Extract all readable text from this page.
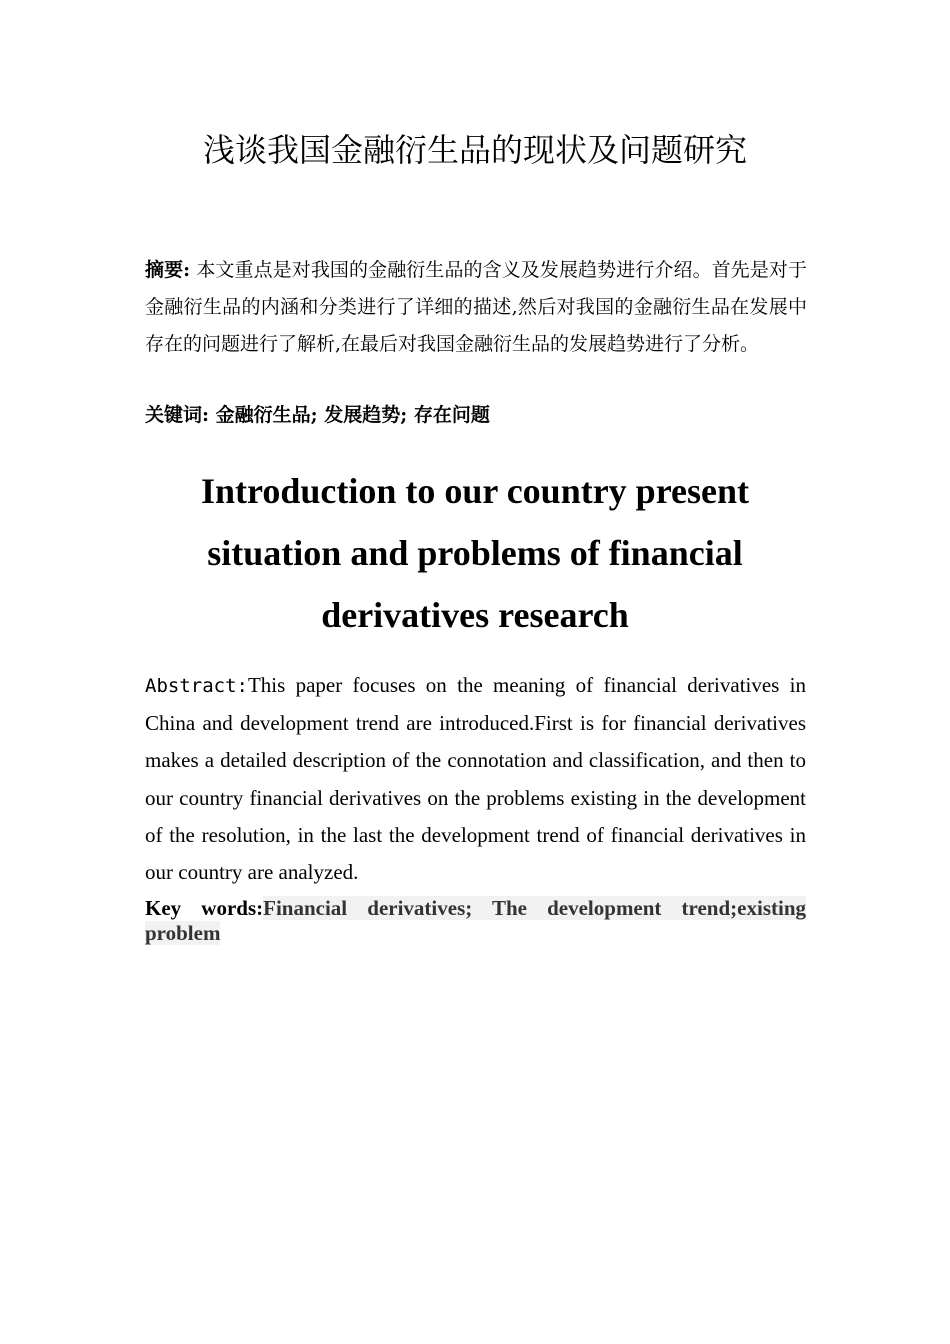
浅谈我国金融衍生品的现状及问题研究

摘要: 本文重点是对我国的金融衍生品的含义及发展趋势进行介绍。首先是对于金融衍生品的内涵和分类进行了详细的描述,然后对我国的金融衍生品在发展中存在的问题进行了解析,在最后对我国金融衍生品的发展趋势进行了分析。

关键词: 金融衍生品; 发展趋势; 存在问题

Introduction to our country present situation and problems of financial derivatives research

Abstract:This paper focuses on the meaning of financial derivatives in China and development trend are introduced.First is for financial derivatives makes a detailed description of the connotation and classification, and then to our country financial derivatives on the problems existing in the development of the resolution, in the last the development trend of financial derivatives in our country are analyzed.

Key words:Financial derivatives; The development trend;existing problem
